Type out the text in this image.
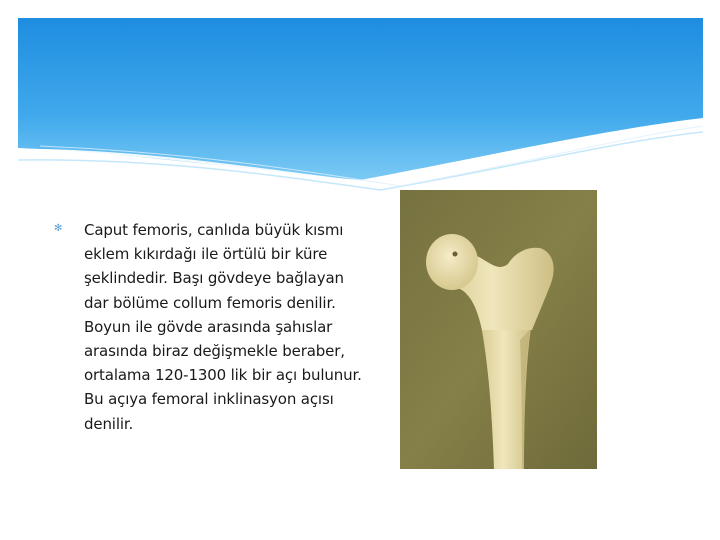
✻	Caput femoris, canlıda büyük kısmı eklem kıkırdağı ile örtülü bir küre şeklindedir. Başı gövdeye bağlayan dar bölüme collum femoris denilir. Boyun ile gövde arasında şahıslar arasında biraz değişmekle beraber, ortalama 120-1300 lik bir açı bulunur. Bu açıya femoral inklinasyon açısı denilir.
